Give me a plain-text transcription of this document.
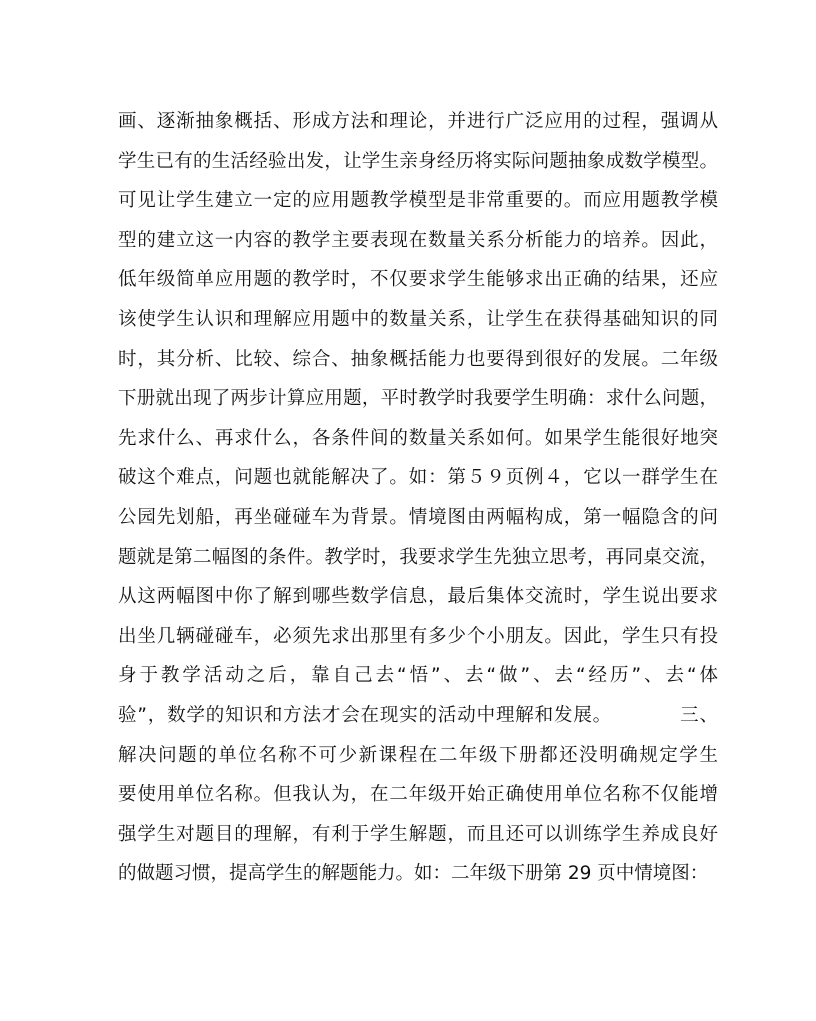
画、逐渐抽象概括、形成方法和理论，并进行广泛应用的过程，强调从
学生已有的生活经验出发，让学生亲身经历将实际问题抽象成数学模型。
可见让学生建立一定的应用题教学模型是非常重要的。而应用题教学模
型的建立这一内容的教学主要表现在数量关系分析能力的培养。因此，
低年级简单应用题的教学时，不仅要求学生能够求出正确的结果，还应
该使学生认识和理解应用题中的数量关系，让学生在获得基础知识的同
时，其分析、比较、综合、抽象概括能力也要得到很好的发展。二年级
下册就出现了两步计算应用题，平时教学时我要学生明确：求什么问题，
先求什么、再求什么，各条件间的数量关系如何。如果学生能很好地突
破这个难点，问题也就能解决了。如：第５９页例４，它以一群学生在
公园先划船，再坐碰碰车为背景。情境图由两幅构成，第一幅隐含的问
题就是第二幅图的条件。教学时，我要求学生先独立思考，再同桌交流，
从这两幅图中你了解到哪些数学信息，最后集体交流时，学生说出要求
出坐几辆碰碰车，必须先求出那里有多少个小朋友。因此，学生只有投
身于教学活动之后，靠自己去“悟”、去“做”、去“经历”、去“体
验”，数学的知识和方法才会在现实的活动中理解和发展。　　　　三、
解决问题的单位名称不可少新课程在二年级下册都还没明确规定学生
要使用单位名称。但我认为，在二年级开始正确使用单位名称不仅能增
强学生对题目的理解，有利于学生解题，而且还可以训练学生养成良好
的做题习惯，提高学生的解题能力。如：二年级下册第 29 页中情境图：
